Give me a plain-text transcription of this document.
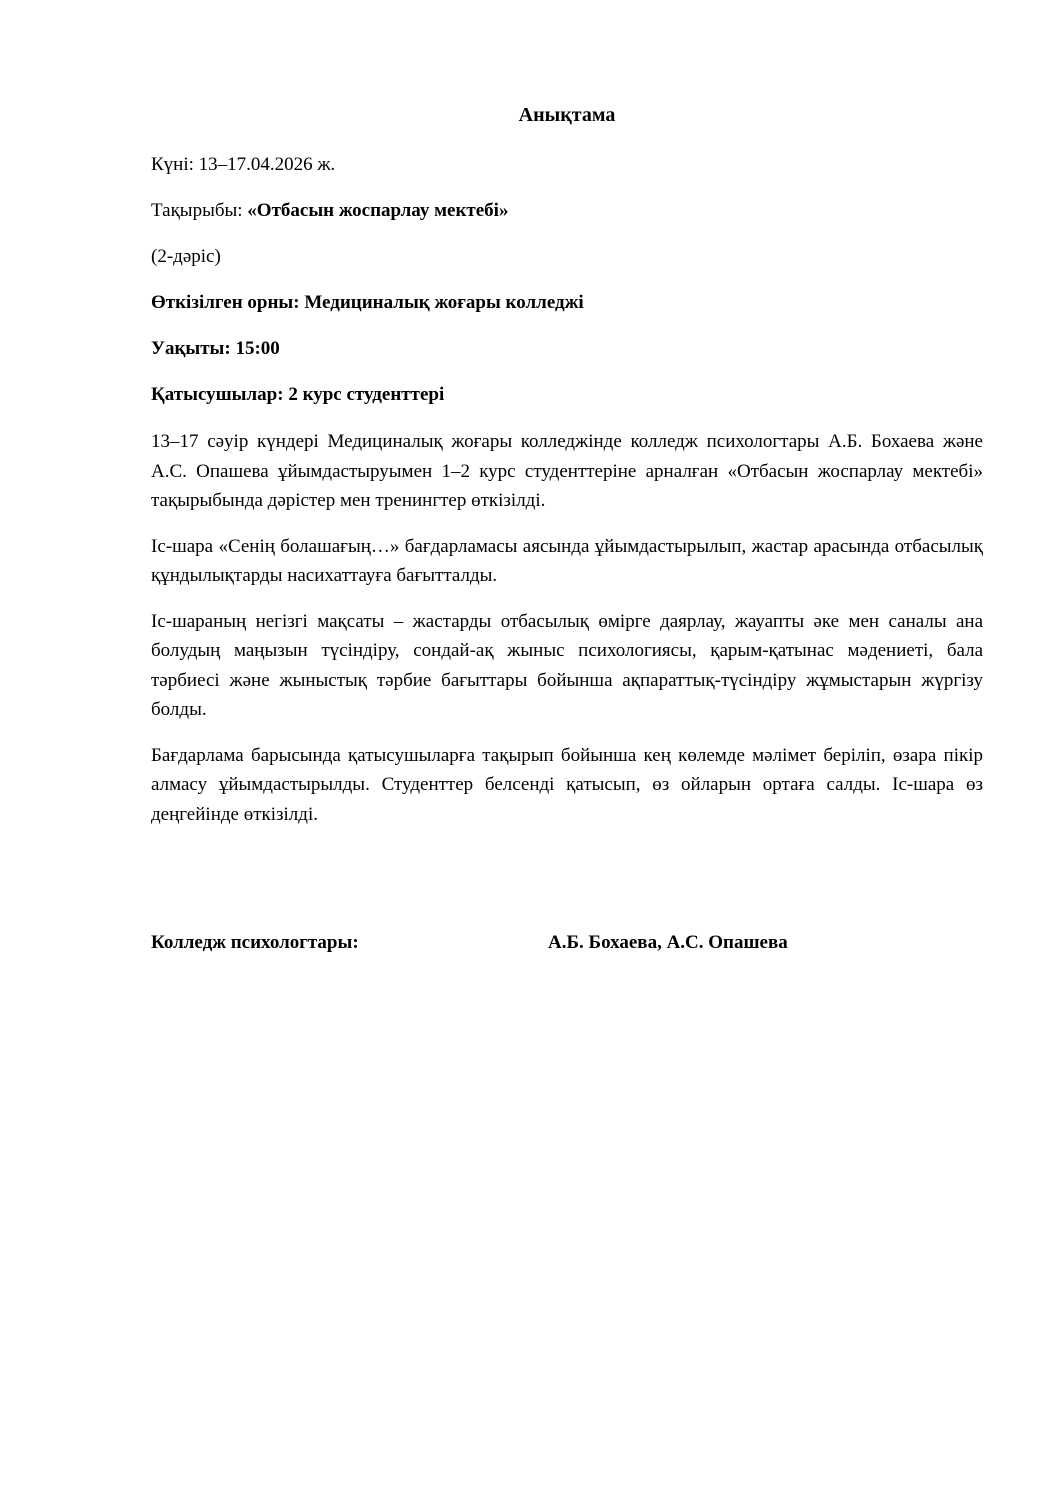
Анықтама
Күні: 13–17.04.2026 ж.
Тақырыбы: «Отбасын жоспарлау мектебі»
(2-дәріс)
Өткізілген орны: Медициналық жоғары колледжі
Уақыты: 15:00
Қатысушылар: 2 курс студенттері

13–17 сәуір күндері Медициналық жоғары колледжінде колледж психологтары А.Б. Бохаева және А.С. Опашева ұйымдастыруымен 1–2 курс студенттеріне арналған «Отбасын жоспарлау мектебі» тақырыбында дәрістер мен тренингтер өткізілді.

Іс-шара «Сенің болашағың…» бағдарламасы аясында ұйымдастырылып, жастар арасында отбасылық құндылықтарды насихаттауға бағытталды.

Іс-шараның негізгі мақсаты – жастарды отбасылық өмірге даярлау, жауапты әке мен саналы ана болудың маңызын түсіндіру, сондай-ақ жыныс психологиясы, қарым-қатынас мәдениеті, бала тәрбиесі және жыныстық тәрбие бағыттары бойынша ақпараттық-түсіндіру жұмыстарын жүргізу болды.

Бағдарлама барысында қатысушыларға тақырып бойынша кең көлемде мәлімет беріліп, өзара пікір алмасу ұйымдастырылды. Студенттер белсенді қатысып, өз ойларын ортаға салды. Іс-шара өз деңгейінде өткізілді.

Колледж психологтары:	А.Б. Бохаева, А.С. Опашева
